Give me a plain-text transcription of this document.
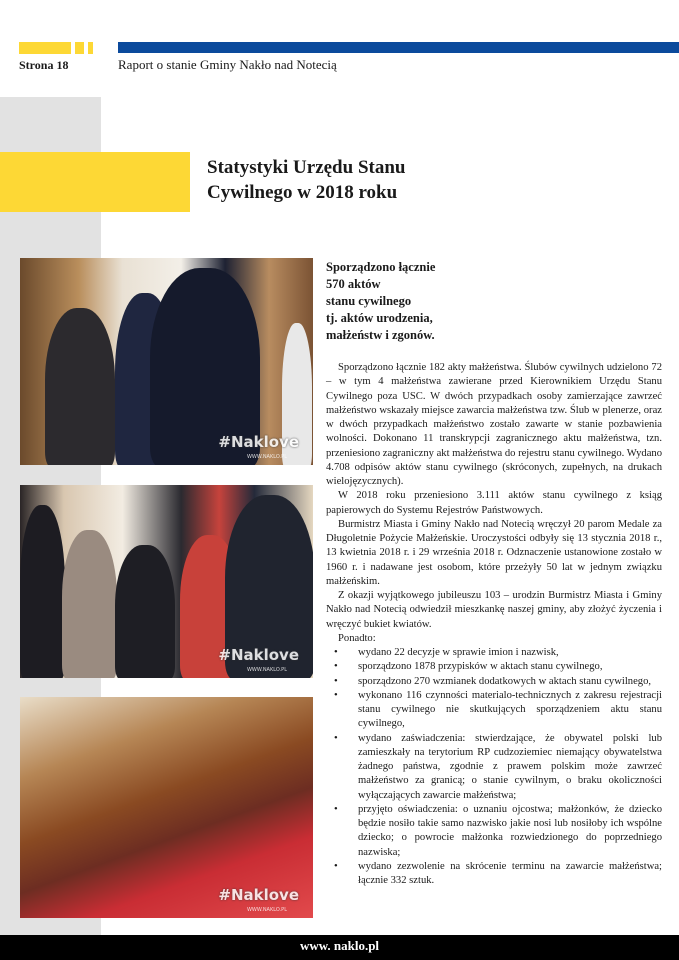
Strona 18	Raport o stanie Gminy Nakło nad Notecią
Statystyki Urzędu Stanu
Cywilnego w 2018 roku
#Naklove
WWW.NAKLO.PL
#Naklove
WWW.NAKLO.PL
#Naklove
WWW.NAKLO.PL
Sporządzono łącznie
570 aktów
stanu cywilnego
tj. aktów urodzenia,
małżeństw i zgonów.

Sporządzono łącznie 182 akty małżeństwa. Ślubów cywilnych udzielono 72 – w tym 4 małżeństwa zawierane przed Kierownikiem Urzędu Stanu Cywilnego poza USC. W dwóch przypadkach osoby zamierzające zawrzeć małżeństwo wskazały miejsce zawarcia małżeństwa tzw. Ślub w plenerze, oraz w dwóch przypadkach małżeństwo zostało zawarte w stanie pozbawienia wolności. Dokonano 11 transkrypcji zagranicznego aktu małżeństwa, tzn. przeniesiono zagraniczny akt małżeństwa do rejestru stanu cywilnego. Wydano 4.708 odpisów aktów stanu cywilnego (skróconych, zupełnych, na drukach wielojęzycznych).

W 2018 roku przeniesiono 3.111 aktów stanu cywilnego z ksiąg papierowych do Systemu Rejestrów Państwowych.

Burmistrz Miasta i Gminy Nakło nad Notecią wręczył 20 parom Medale za Długoletnie Pożycie Małżeńskie. Uroczystości odbyły się 13 stycznia 2018 r., 13 kwietnia 2018 r. i 29 września 2018 r. Odznaczenie ustanowione zostało w 1960 r. i nadawane jest osobom, które przeżyły 50 lat w jednym związku małżeńskim.

Z okazji wyjątkowego jubileuszu 103 – urodzin Burmistrz Miasta i Gminy Nakło nad Notecią odwiedził mieszkankę naszej gminy, aby złożyć życzenia i wręczyć bukiet kwiatów.

Ponadto:

• wydano 22 decyzje w sprawie imion i nazwisk,
• sporządzono 1878 przypisków w aktach stanu cywilnego,
• sporządzono 270 wzmianek dodatkowych w aktach stanu cywilnego,
• wykonano 116 czynności materialo-technicznych z zakresu rejestracji stanu cywilnego nie skutkujących sporządzeniem aktu stanu cywilnego,
• wydano zaświadczenia: stwierdzające, że obywatel polski lub zamieszkały na terytorium RP cudzoziemiec niemający obywatelstwa żadnego państwa, zgodnie z prawem polskim może zawrzeć małżeństwo za granicą; o stanie cywilnym, o braku okoliczności wyłączających zawarcie małżeństwa;
• przyjęto oświadczenia: o uznaniu ojcostwa; małżonków, że dziecko będzie nosiło takie samo nazwisko jakie nosi lub nosiłoby ich wspólne dziecko; o powrocie małżonka rozwiedzionego do poprzedniego nazwiska;
• wydano zezwolenie na skrócenie terminu na zawarcie małżeństwa; łącznie 332 sztuk.
www. naklo.pl
